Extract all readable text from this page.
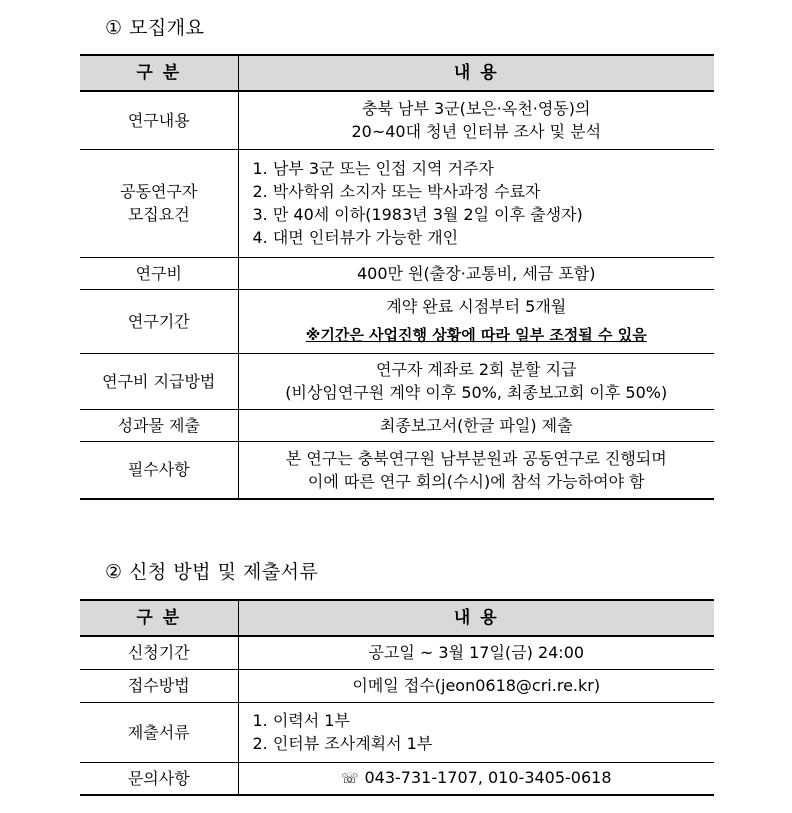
① 모집개요
구 분	내 용
연구내용	충북 남부 3군(보은·옥천·영동)의
20~40대 청년 인터뷰 조사 및 분석

공동연구자
모집요건	1. 남부 3군 또는 인접 지역 거주자
2. 박사학위 소지자 또는 박사과정 수료자
3. 만 40세 이하(1983년 3월 2일 이후 출생자)
4. 대면 인터뷰가 가능한 개인

연구비	400만 원(출장·교통비, 세금 포함)

연구기간	계약 완료 시점부터 5개월
※기간은 사업진행 상황에 따라 일부 조정될 수 있음

연구비 지급방법	연구자 계좌로 2회 분할 지급
(비상임연구원 계약 이후 50%, 최종보고회 이후 50%)

성과물 제출	최종보고서(한글 파일) 제출

필수사항	본 연구는 충북연구원 남부분원과 공동연구로 진행되며
이에 따른 연구 회의(수시)에 참석 가능하여야 함
② 신청 방법 및 제출서류
구 분	내 용
신청기간	공고일 ~ 3월 17일(금) 24:00

접수방법	이메일 접수(jeon0618@cri.re.kr)

제출서류	1. 이력서 1부
2. 인터뷰 조사계획서 1부

문의사항	☏ 043-731-1707, 010-3405-0618
